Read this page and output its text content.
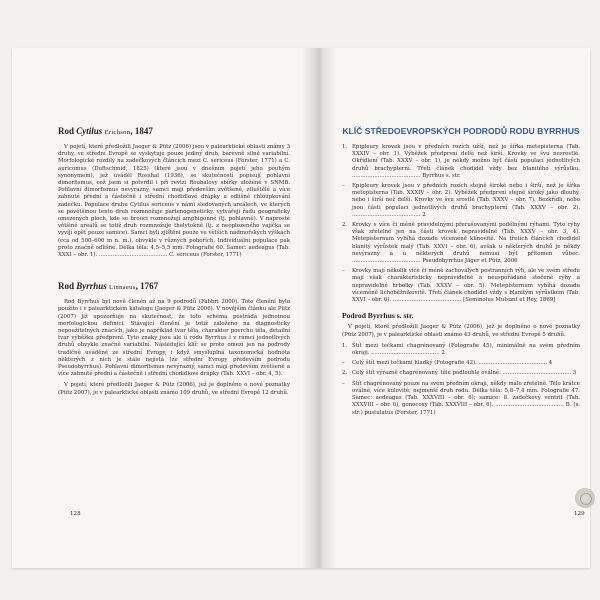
Rod Cytilus Erichson, 1847

V pojetí, které předložili Jaeger & Pütz (2006) jsou v palearktické oblasti známy 3 druhy, ve střední Evropě se vyskytuje pouze jediný druh, barevně silně variabilní. Morfologické rozdíly na zadečkových článcích mezi C. sericeus (Forster, 1771) a C. auricomus (Duftschmid, 1825) (které jsou v dnešním pojetí jeho pouhým synonymem), jež uváděl Rosshal (1936), se skutečností popisují pohlavní dimorfismus, což jsem si potvrdil i při revizi Roubalovy sbírky uložené v SNMB. Pohlavní dimorfismus nevýrazný, samci mají především zvětšené, ztluštělé a více zahnuté přední a částečně i střední chodidlové drápky a odlišné chloupkování zadečku. Populace druhu Cytilus sericeus v námi sledovaných areálech, ve kterých se povětšinou tento druh rozmnožuje partenogeneticky, vytvářejí řadu geograficky omezených ploch, kde se brouci rozmnožují amphigonně (tj. pohlavně). V naprosté většině areálů se totiž druh rozmnožuje thelytokně (tj. z neoplozeného vajíčka se vyvíjí opět pouze samice). Samci byli zjištěni pouze ve větších nadmořských výškách (cca od 500–600 m n. m.), obvykle v různých pohořích. Individuální populace pak proto značně odlišné. Délka těla: 4,5–5,5 mm. Fotografie 60. Samec: aedeagus (Tab. XXXI – obr. 1). ........................................ C. sericeus (Forster, 1771)

Rod Byrrhus Linnaeus, 1767

Rod Byrrhus byl nově členěn až na 9 podrodů (Fabbri 2000). Toto členění bylo použito i v palearktickém katalogu (Jaeger & Pütz 2006). V novějším článku ale Pütz (2007) již upozorňuje na skutečnost, že toto schéma postrádá jednotnou morfologickou definici. Stávající členění je totiž založeno na diagnosticky nepoužitelných znacích, jako je například tvar těla, charakter povrchu těla, detailní tvar výběžku předprsní. Tyto znaky jsou ale u rodu Byrrhus i v rámci jednotlivých druhů obvykle značně variabilní. Následující klíč se proto omezí jen na podrody tradičně uváděné ze střední Evropy, i když smysluplná taxonomická hodnota některých z nich je stále nejistá (ze střední Evropy především podrodu Pseudobyrrhus). Pohlavní dimorfismus nevýrazný, samci mají především zvětšené a více zahnuté přední a částečně i střední chodidlové drápky (Tab. XXVI – obr. 4, 5).

V pojetí, které předložili Jaeger & Pütz (2006), jež je doplněno o nové poznatky (Pütz 2007), je v palearktické oblasti známo 109 druhů, ve střední Evropě 12 druhů.

128
KLÍČ STŘEDOEVROPSKÝCH PODRODŮ RODU BYRRHUS
1. Epipleury krovek jsou v předních rozích užší, než je šířka metepisterna (Tab. XXXIV – obr. 1). Výběžek předprsní delší než širší. Krovky ve švu nesrostlé. Okřídlení (Tab. XXXV – obr. 1), je někdy možno být částí populací jednotlivých druhů brachypterní. Třetí článek chodidel vždy bez blanitého výrůstku. ........................................ Byrrhus s. str.
– Epipleury krovek jsou v předních rozích stejně široké nebo i širší, než je šířka metepisterna (Tab. XXXIV – obr. 2). Výběžek předprsní stejně široký jako dlouhý, nebo i širší než delší. Krovky ve švu srostlé (Tab. XXXV – obr. 7). Bezkřídlí, nebo jsou části populací jednotlivých druhů brachypterní (Tab. XXXV – obr. 2). ........................................ 2
2. Krovky s více či méně pravidelnými přerušovanými podélnými rýhami. Tyto rýhy však zřetelné jen na části krovek nepravidelné (Tab. XXXV – obr. 3, 4). Metepisternum vybíhá dozadu víceméně klínovitě. Na třetích článcích chodidel blanitý výrůstek malý (Tab. XXVI – obr. 6), avšak u některých druhů je někdy nevýrazný a u některých druhů nemusí být přítomen vůbec. ........................................ Pseudobyrrhus Jäger et Pütz, 2006
– Krovky mají několik více či méně zachovalých postranních rýh, ale ve svém středu mají však charakteristicky nepravidelné a neuspořádané stočené rýhy a nepravidelné hrbolky (Tab. XXXV – obr. 5). Metepisternum vybíhá dozadu víceméně lichoběžníkovitě. Třetí článek chodidel vždy s blanitým výrůstkem (Tab. XXVI – obr. 6). ........................................ [Seminolus Mulsant et Rey, 1869]
Podrod Byrrhus s. str.

V pojetí, které předložili Jaeger & Pütz (2006), jež je doplněno o nové poznatky (Pütz 2007), je v palearktické oblasti známo 43 druhů, ve střední Evropě 5 druhů.

1. Štít mezi tečkami chagrénovaný (Fotografie 45), minimálně na svém předním okraji. ........................................ 2
– Celý štít mezi tečkami hladký (Fotografie 42). ........................................ 4
2. Celý štít výrazně chagrénovaný, těle podlouhle oválné. ........................................ 3
– Štít chagrénovaný pouze na svém předním okraji, někdy málo zřetelně. Tělo krátce oválné, více kulovité; nejmenší druh rodu. Délka těla: 5,8–7,4 mm. Fotografie 47. Samec: aedeagus (Tab. XXXVIII – obr. 6); samice: 8. zadečkový ventrit (Tab. XXXVIII – obr. 6), gonocoxy (Tab. XXXVIII – obr. 6). ........................................ B. (s. str.) pustulatus (Forster, 1771)
129
